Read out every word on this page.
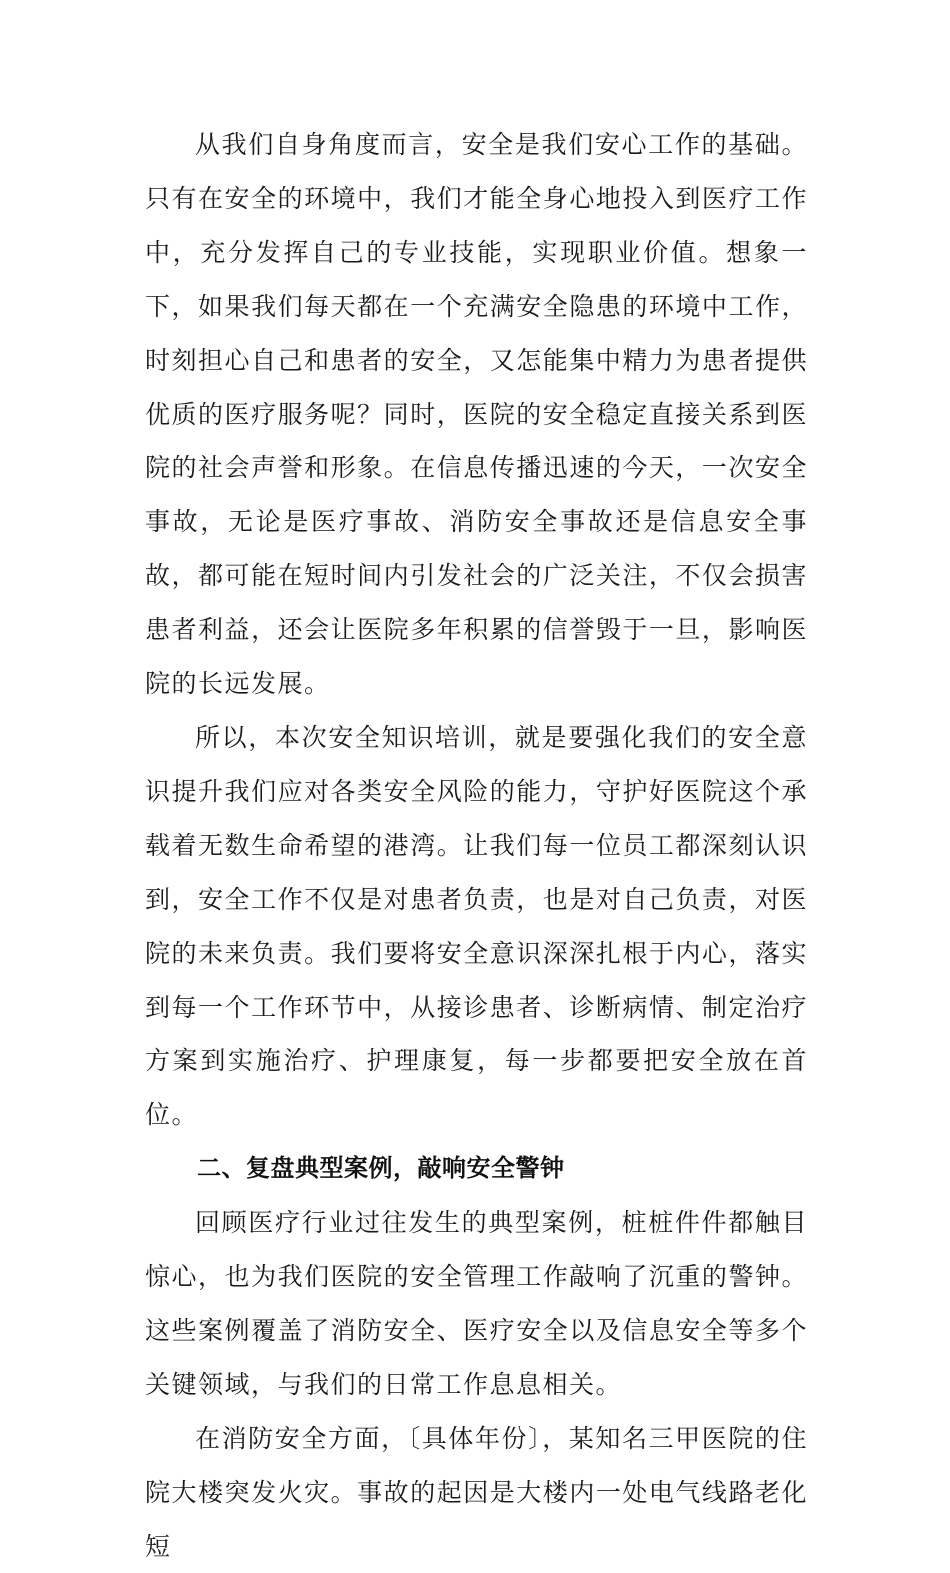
从我们自身角度而言，安全是我们安心工作的基础。只有在安全的环境中，我们才能全身心地投入到医疗工作中，充分发挥自己的专业技能，实现职业价值。想象一下，如果我们每天都在一个充满安全隐患的环境中工作，时刻担心自己和患者的安全，又怎能集中精力为患者提供优质的医疗服务呢？同时，医院的安全稳定直接关系到医院的社会声誉和形象。在信息传播迅速的今天，一次安全事故，无论是医疗事故、消防安全事故还是信息安全事故，都可能在短时间内引发社会的广泛关注，不仅会损害患者利益，还会让医院多年积累的信誉毁于一旦，影响医院的长远发展。

所以，本次安全知识培训，就是要强化我们的安全意识提升我们应对各类安全风险的能力，守护好医院这个承载着无数生命希望的港湾。让我们每一位员工都深刻认识到，安全工作不仅是对患者负责，也是对自己负责，对医院的未来负责。我们要将安全意识深深扎根于内心，落实到每一个工作环节中，从接诊患者、诊断病情、制定治疗方案到实施治疗、护理康复，每一步都要把安全放在首位。

二、复盘典型案例，敲响安全警钟

回顾医疗行业过往发生的典型案例，桩桩件件都触目惊心，也为我们医院的安全管理工作敲响了沉重的警钟。这些案例覆盖了消防安全、医疗安全以及信息安全等多个关键领域，与我们的日常工作息息相关。

在消防安全方面，〔具体年份〕，某知名三甲医院的住院大楼突发火灾。事故的起因是大楼内一处电气线路老化短
